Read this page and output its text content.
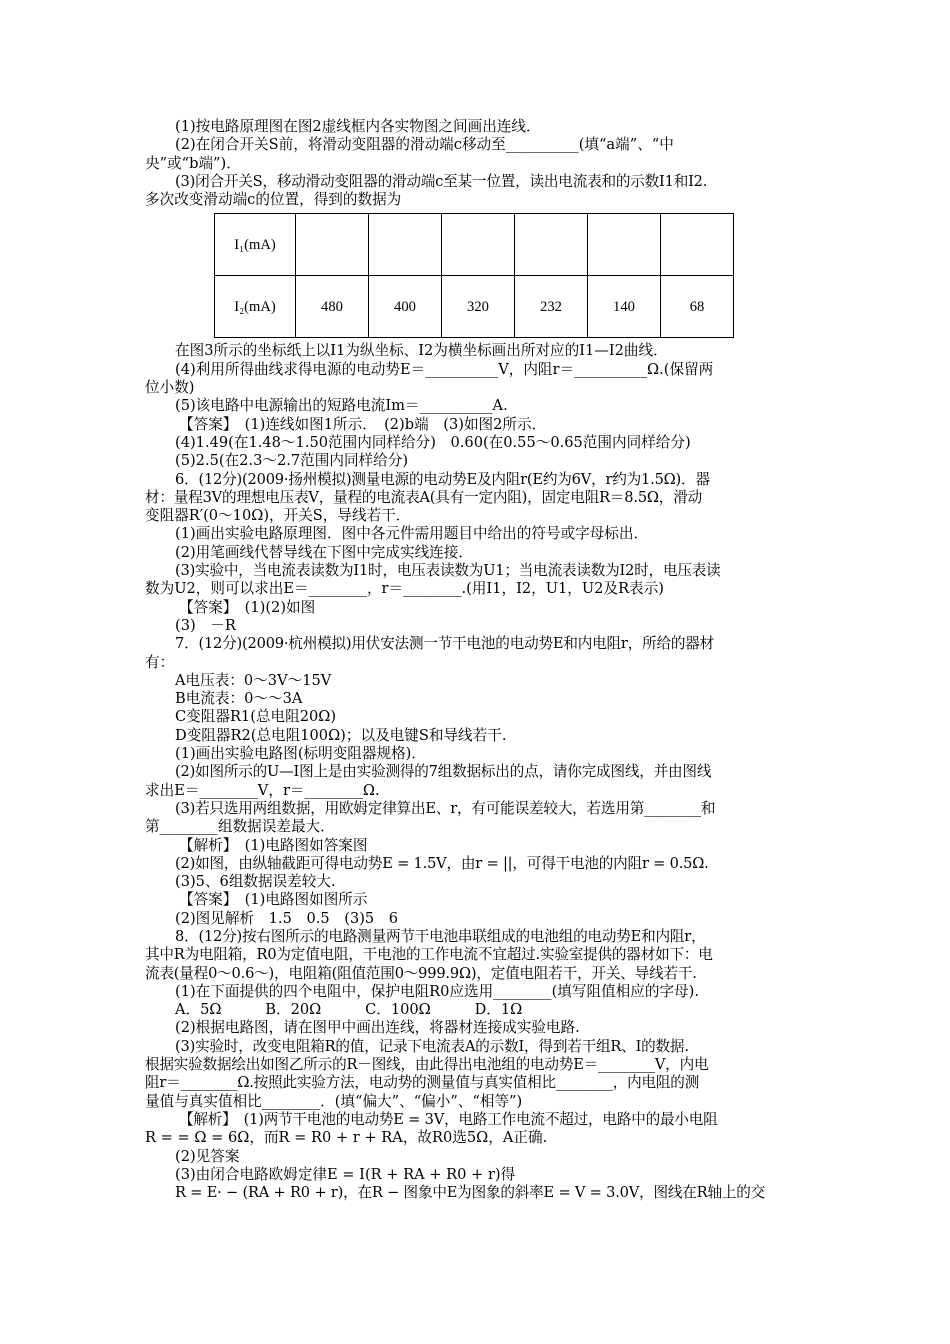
(1)按电路原理图在图2虚线框内各实物图之间画出连线．

(2)在闭合开关S前，将滑动变阻器的滑动端c移动至__________(填“a端”、“中

央”或“b端”)．

(3)闭合开关S，移动滑动变阻器的滑动端c至某一位置，读出电流表和的示数I1和I2.

多次改变滑动端c的位置，得到的数据为

I₁(mA)						
I₂(mA)	480	400	320	232	140	68

在图3所示的坐标纸上以I1为纵坐标、I2为横坐标画出所对应的I1—I2曲线．

(4)利用所得曲线求得电源的电动势E＝__________V，内阻r＝__________Ω.(保留两

位小数)

(5)该电路中电源输出的短路电流Im＝__________A.

【答案】　(1)连线如图1所示．　(2)b端　(3)如图2所示．

(4)1.49(在1.48～1.50范围内同样给分)　0.60(在0.55～0.65范围内同样给分)

(5)2.5(在2.3～2.7范围内同样给分)

6．(12分)(2009·扬州模拟)测量电源的电动势E及内阻r(E约为6V，r约为1.5Ω)．器

材：量程3V的理想电压表V，量程的电流表A(具有一定内阻)，固定电阻R＝8.5Ω，滑动

变阻器R′(0～10Ω)，开关S，导线若干．

(1)画出实验电路原理图．图中各元件需用题目中给出的符号或字母标出．

(2)用笔画线代替导线在下图中完成实线连接．

(3)实验中，当电流表读数为I1时，电压表读数为U1；当电流表读数为I2时，电压表读

数为U2，则可以求出E＝________，r＝________.(用I1，I2，U1，U2及R表示)

【答案】　(1)(2)如图

(3)　－R

7．(12分)(2009·杭州模拟)用伏安法测一节干电池的电动势E和内电阻r，所给的器材

有：

A电压表：0～3V～15V

B电流表：0～～3A

C变阻器R1(总电阻20Ω)

D变阻器R2(总电阻100Ω)；以及电键S和导线若干.

(1)画出实验电路图(标明变阻器规格)．

(2)如图所示的U—I图上是由实验测得的7组数据标出的点，请你完成图线，并由图线

求出E＝________V，r＝________Ω.

(3)若只选用两组数据，用欧姆定律算出E、r，有可能误差较大，若选用第________和

第________组数据误差最大．

【解析】　(1)电路图如答案图

(2)如图，由纵轴截距可得电动势E = 1.5V，由r = ||，可得干电池的内阻r = 0.5Ω.

(3)5、6组数据误差较大.

【答案】　(1)电路图如图所示

(2)图见解析　1.5　0.5　(3)5　6

8．(12分)按右图所示的电路测量两节干电池串联组成的电池组的电动势E和内阻r，

其中R为电阻箱，R0为定值电阻，干电池的工作电流不宜超过.实验室提供的器材如下：电

流表(量程0～0.6～)，电阻箱(阻值范围0～999.9Ω)，定值电阻若干，开关、导线若干.

(1)在下面提供的四个电阻中，保护电阻R0应选用________(填写阻值相应的字母).

A．5Ω　　　B．20Ω　　　C．100Ω　　　D．1Ω

(2)根据电路图，请在图甲中画出连线，将器材连接成实验电路.

(3)实验时，改变电阻箱R的值，记录下电流表A的示数I，得到若干组R、I的数据.

根据实验数据绘出如图乙所示的R－图线，由此得出电池组的电动势E＝________V，内电

阻r＝________Ω.按照此实验方法，电动势的测量值与真实值相比________，内电阻的测

量值与真实值相比________．(填“偏大”、“偏小”、“相等”)

【解析】　(1)两节干电池的电动势E = 3V，电路工作电流不超过，电路中的最小电阻

R = = Ω = 6Ω，而R = R0 + r + RA，故R0选5Ω，A正确.

(2)见答案

(3)由闭合电路欧姆定律E = I(R + RA + R0 + r)得

R = E· − (RA + R0 + r)，在R − 图象中E为图象的斜率E = V = 3.0V，图线在R轴上的交
